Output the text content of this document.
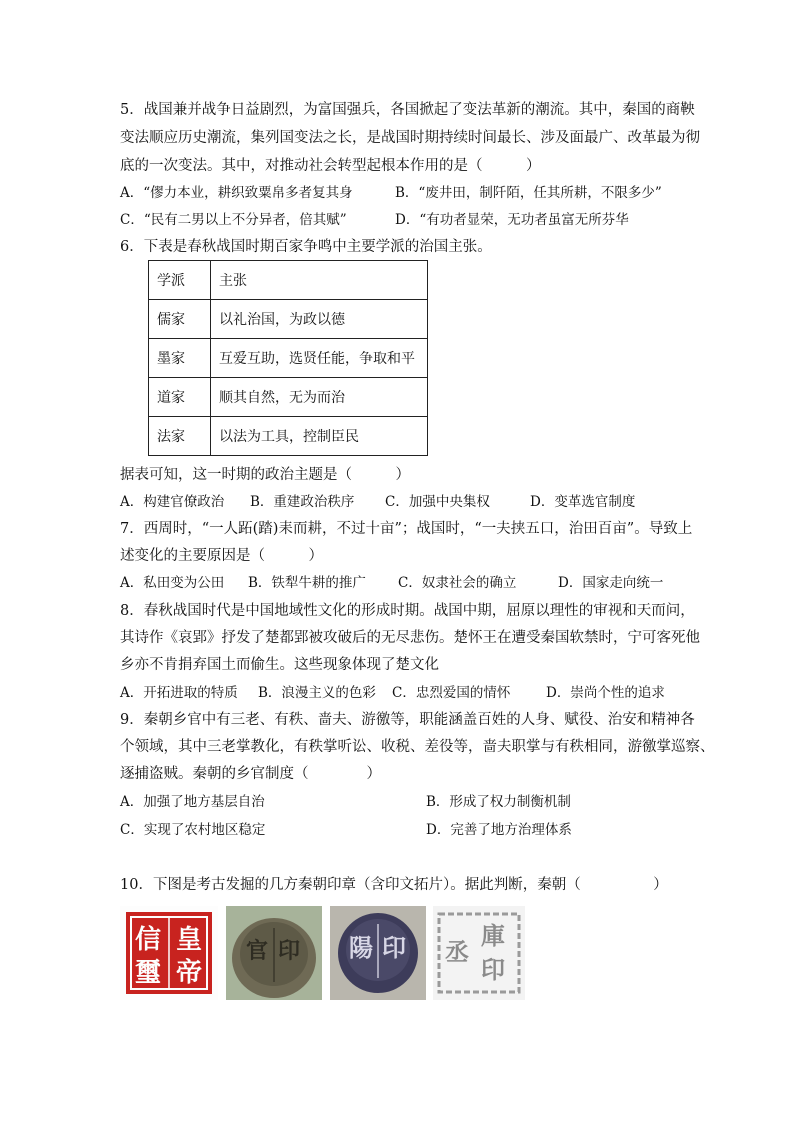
5．战国兼并战争日益剧烈，为富国强兵，各国掀起了变法革新的潮流。其中，秦国的商鞅
变法顺应历史潮流，集列国变法之长，是战国时期持续时间最长、涉及面最广、改革最为彻
底的一次变法。其中，对推动社会转型起根本作用的是（　　　）
A．“僇力本业，耕织致粟帛多者复其身	B．“废井田，制阡陌，任其所耕，不限多少”
C．“民有二男以上不分异者，倍其赋”	D．“有功者显荣，无功者虽富无所芬华
6．下表是春秋战国时期百家争鸣中主要学派的治国主张。
学派	主张
儒家	以礼治国，为政以德
墨家	互爱互助，选贤任能，争取和平
道家	顺其自然，无为而治
法家	以法为工具，控制臣民
据表可知，这一时期的政治主题是（　　　）
A．构建官僚政治 B．重建政治秩序 C．加强中央集权	D．变革选官制度
7．西周时，“一人跖(踏)耒而耕，不过十亩”；战国时，“一夫挟五口，治田百亩”。导致上
述变化的主要原因是（　　　）
A．私田变为公田 B．铁犁牛耕的推广 C．奴隶社会的确立	D．国家走向统一
8．春秋战国时代是中国地域性文化的形成时期。战国中期，屈原以理性的审视和天而问，
其诗作《哀郢》抒发了楚都郢被攻破后的无尽悲伤。楚怀王在遭受秦国软禁时，宁可客死他
乡亦不肯捐弃国土而偷生。这些现象体现了楚文化
A．开拓进取的特质 B．浪漫主义的色彩 C．忠烈爱国的情怀	D．崇尚个性的追求
9．秦朝乡官中有三老、有秩、啬夫、游徼等，职能涵盖百姓的人身、赋役、治安和精神各
个领域，其中三老掌教化，有秩掌听讼、收税、差役等，啬夫职掌与有秩相同，游徼掌巡察、
逐捕盗贼。秦朝的乡官制度（　　　　）
A．加强了地方基层自治	B．形成了权力制衡机制
C．实现了农村地区稳定	D．完善了地方治理体系
10．下图是考古发掘的几方秦朝印章（含印文拓片）。据此判断，秦朝（　　　　　）
皇
帝
信
璽
官 印 陽 印	庫
印
丞
